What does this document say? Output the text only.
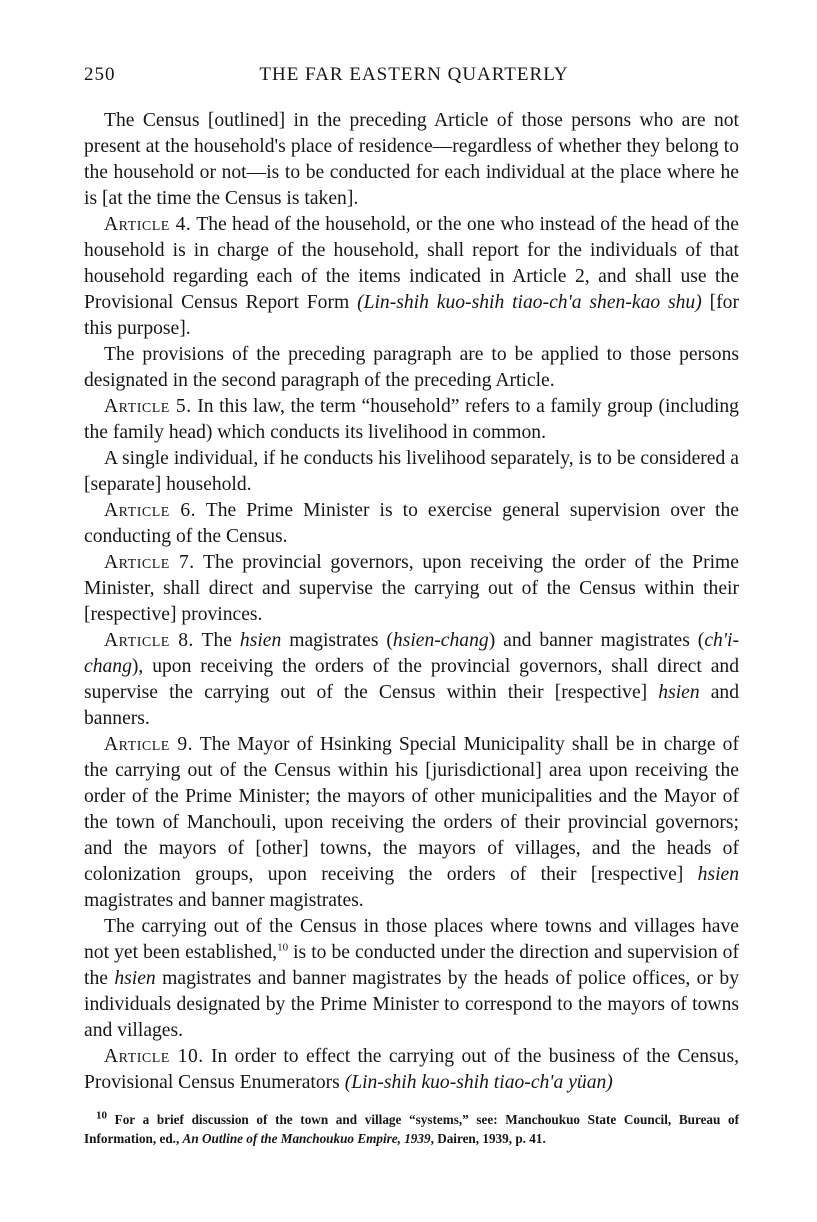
250	THE FAR EASTERN QUARTERLY

The Census [outlined] in the preceding Article of those persons who are not present at the household's place of residence—regardless of whether they belong to the household or not—is to be conducted for each individual at the place where he is [at the time the Census is taken].

Article 4. The head of the household, or the one who instead of the head of the household is in charge of the household, shall report for the individuals of that household regarding each of the items indicated in Article 2, and shall use the Provisional Census Report Form (Lin-shih kuo-shih tiao-ch'a shen-kao shu) [for this purpose].

The provisions of the preceding paragraph are to be applied to those persons designated in the second paragraph of the preceding Article.

Article 5. In this law, the term “household” refers to a family group (including the family head) which conducts its livelihood in common.

A single individual, if he conducts his livelihood separately, is to be considered a [separate] household.

Article 6. The Prime Minister is to exercise general supervision over the conducting of the Census.

Article 7. The provincial governors, upon receiving the order of the Prime Minister, shall direct and supervise the carrying out of the Census within their [respective] provinces.

Article 8. The hsien magistrates (hsien-chang) and banner magistrates (ch'i-chang), upon receiving the orders of the provincial governors, shall direct and supervise the carrying out of the Census within their [respective] hsien and banners.

Article 9. The Mayor of Hsinking Special Municipality shall be in charge of the carrying out of the Census within his [jurisdictional] area upon receiving the order of the Prime Minister; the mayors of other municipalities and the Mayor of the town of Manchouli, upon receiving the orders of their provincial governors; and the mayors of [other] towns, the mayors of villages, and the heads of colonization groups, upon receiving the orders of their [respective] hsien magistrates and banner magistrates.

The carrying out of the Census in those places where towns and villages have not yet been established,$^{10}$ is to be conducted under the direction and supervision of the hsien magistrates and banner magistrates by the heads of police offices, or by individuals designated by the Prime Minister to correspond to the mayors of towns and villages.

Article 10. In order to effect the carrying out of the business of the Census, Provisional Census Enumerators (Lin-shih kuo-shih tiao-ch'a yüan)

$^{10}$ For a brief discussion of the town and village “systems,” see: Manchoukuo State Council, Bureau of Information, ed., An Outline of the Manchoukuo Empire, 1939, Dairen, 1939, p. 41.
